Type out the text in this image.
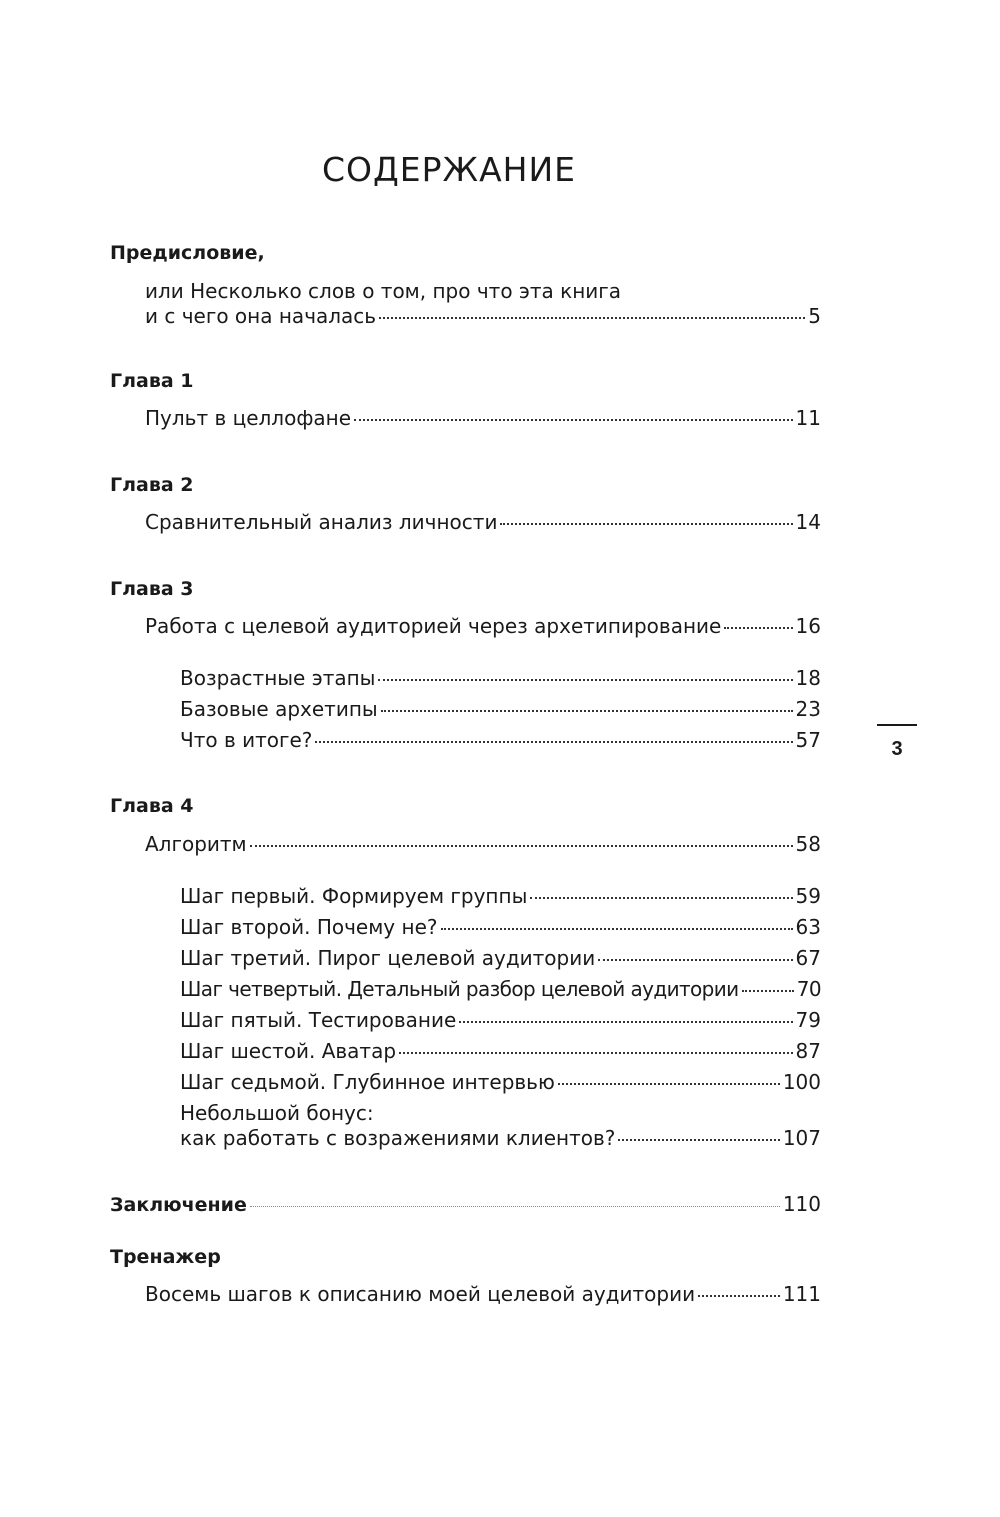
СОДЕРЖАНИЕ
Предисловие,
или Несколько слов о том, про что эта книга
и с чего она началась	5
Глава 1
Пульт в целлофане	11
Глава 2
Сравнительный анализ личности	14
Глава 3
Работа с целевой аудиторией через архетипирование	16
Возрастные этапы	18
Базовые архетипы	23
Что в итоге?	57
Глава 4
Алгоритм	58
Шаг первый. Формируем группы	59
Шаг второй. Почему не?	63
Шаг третий. Пирог целевой аудитории	67
Шаг четвертый. Детальный разбор целевой аудитории	70
Шаг пятый. Тестирование	79
Шаг шестой. Аватар	87
Шаг седьмой. Глубинное интервью	100
Небольшой бонус:
как работать с возражениями клиентов?	107
Заключение	110
Тренажер
Восемь шагов к описанию моей целевой аудитории	111
3
